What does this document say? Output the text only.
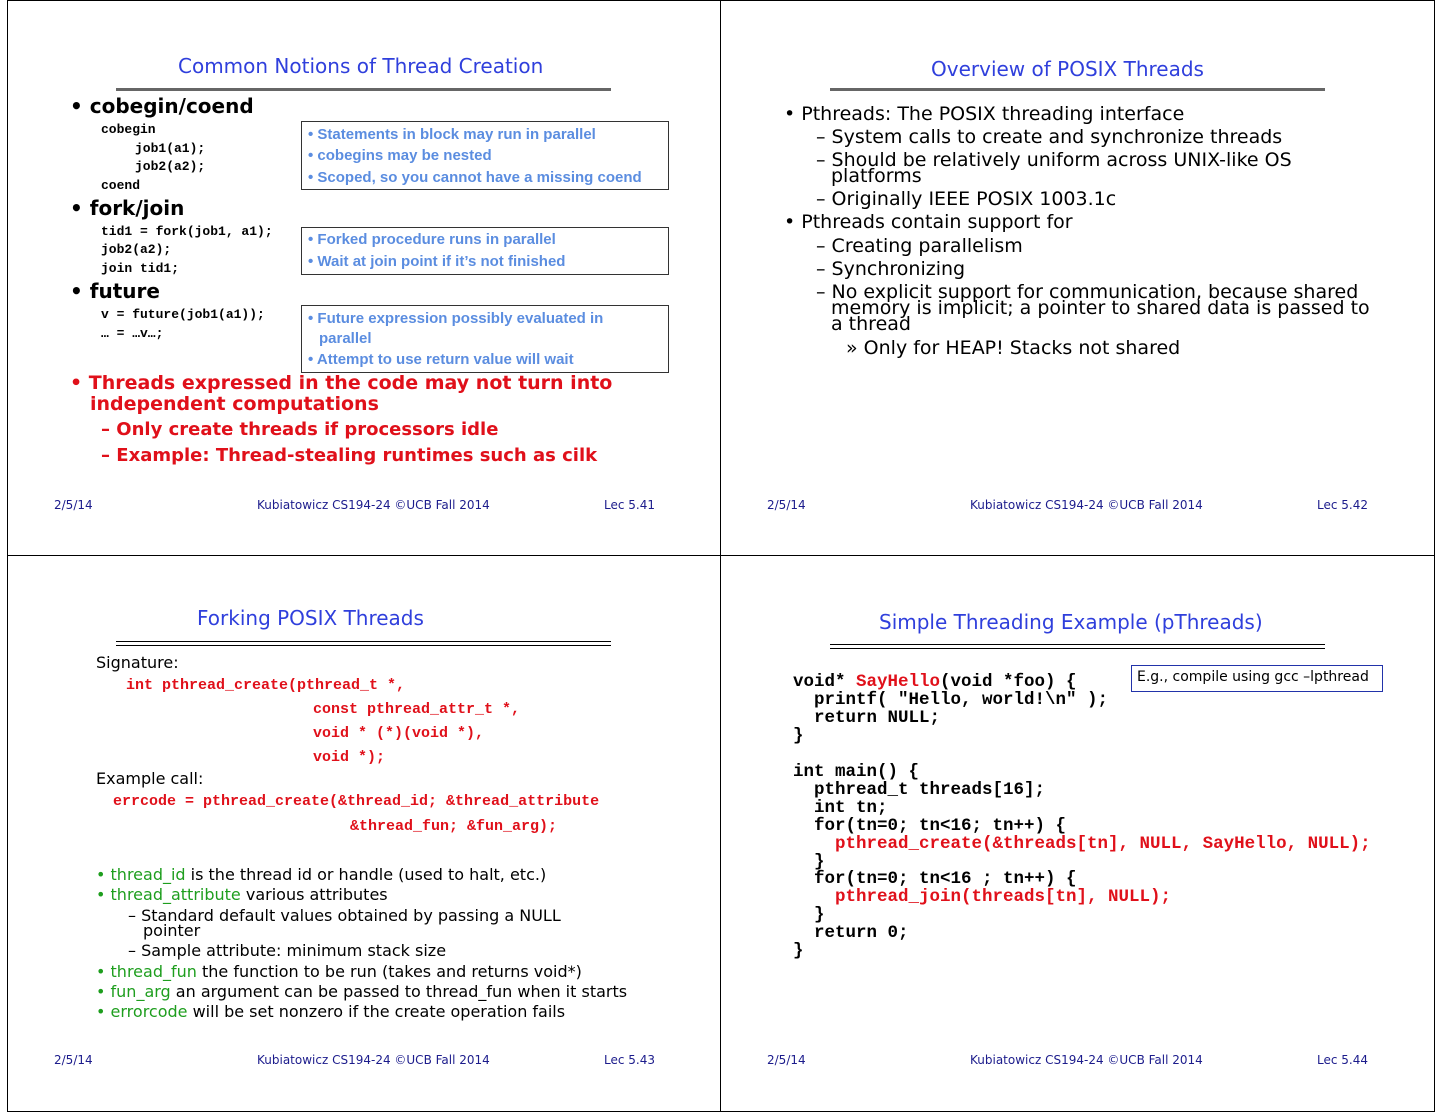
Common Notions of Thread Creation
• cobegin/coend
cobegin
job1(a1);
job2(a2);
coend
• Statements in block may run in parallel
• cobegins may be nested
• Scoped, so you cannot have a missing coend
• fork/join
tid1 = fork(job1, a1);
job2(a2);
join tid1;
• Forked procedure runs in parallel
• Wait at join point if it’s not finished
• future
v = future(job1(a1));
… = …v…;
• Future expression possibly evaluated in
parallel
• Attempt to use return value will wait
• Threads expressed in the code may not turn into
independent computations
– Only create threads if processors idle
– Example: Thread-stealing runtimes such as cilk
2/5/14	Kubiatowicz CS194-24 ©UCB Fall 2014	Lec 5.41
Overview of POSIX Threads
• Pthreads: The POSIX threading interface
– System calls to create and synchronize threads
– Should be relatively uniform across UNIX-like OS
platforms
– Originally IEEE POSIX 1003.1c
• Pthreads contain support for
– Creating parallelism
– Synchronizing
– No explicit support for communication, because shared
memory is implicit; a pointer to shared data is passed to
a thread
» Only for HEAP! Stacks not shared
2/5/14	Kubiatowicz CS194-24 ©UCB Fall 2014	Lec 5.42
Forking POSIX Threads
Signature:
int pthread_create(pthread_t *,
const pthread_attr_t *,
void * (*)(void *),
void *);
Example call:
errcode = pthread_create(&thread_id; &thread_attribute
&thread_fun; &fun_arg);
• thread_id is the thread id or handle (used to halt, etc.)
• thread_attribute various attributes
– Standard default values obtained by passing a NULL
pointer
– Sample attribute: minimum stack size
• thread_fun the function to be run (takes and returns void*)
• fun_arg an argument can be passed to thread_fun when it starts
• errorcode will be set nonzero if the create operation fails
2/5/14	Kubiatowicz CS194-24 ©UCB Fall 2014	Lec 5.43
Simple Threading Example (pThreads)
E.g., compile using gcc –lpthread
void* SayHello(void *foo) {
printf( "Hello, world!\n" );
return NULL;
}
int main() {
pthread_t threads[16];
int tn;
for(tn=0; tn<16; tn++) {
pthread_create(&threads[tn], NULL, SayHello, NULL);
}
for(tn=0; tn<16 ; tn++) {
pthread_join(threads[tn], NULL);
}
return 0;
}
2/5/14	Kubiatowicz CS194-24 ©UCB Fall 2014	Lec 5.44
